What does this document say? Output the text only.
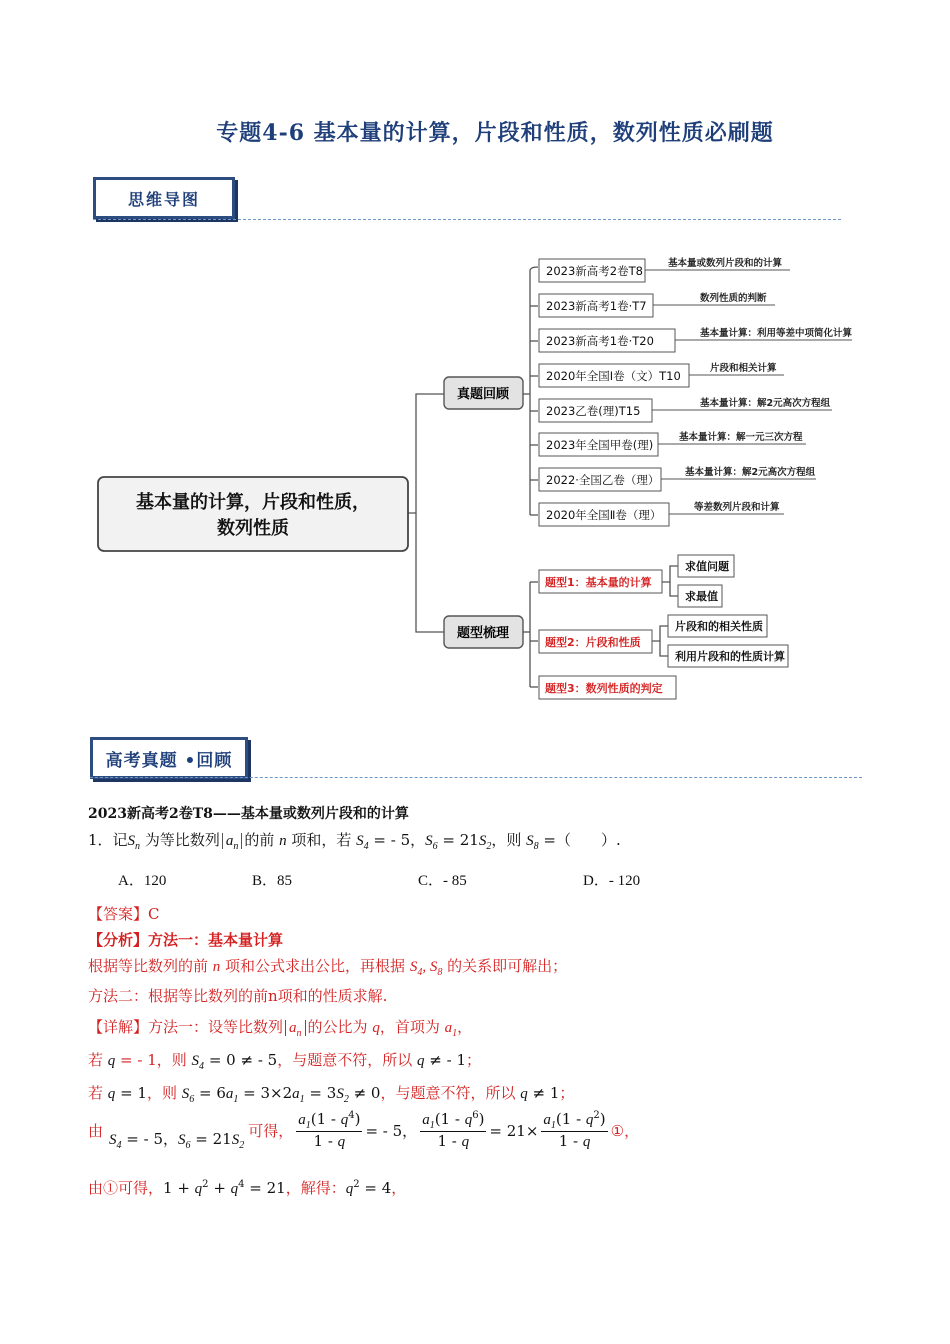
专题4-6 基本量的计算，片段和性质，数列性质必刷题
思维导图
基本量的计算，片段和性质，
数列性质
真题回顾
题型梳理
2023新高考2卷T8
2023新高考1卷·T7
2023新高考1卷·T20
2020年全国Ⅰ卷（文）T10
2023乙卷(理)T15
2023年全国甲卷(理)
2022·全国乙卷（理）
2020年全国Ⅱ卷（理）
基本量或数列片段和的计算
数列性质的判断
基本量计算：利用等差中项简化计算
片段和相关计算
基本量计算：解2元高次方程组
基本量计算：解一元三次方程
基本量计算：解2元高次方程组
等差数列片段和计算
题型1：基本量的计算
题型2：片段和性质
题型3：数列性质的判定
求值问题
求最值
片段和的相关性质
利用片段和的性质计算
高考真题 •回顾
2023新高考2卷T8——基本量或数列片段和的计算
1．记$S_n$ 为等比数列 $a_n$ 的前 n 项和，若 $S_4$ = - 5，$S_6 = 21S_2$，则 $S_8$ =（　　）.
A．120	B．85	C．- 85	D．- 120
【答案】C
【分析】方法一：基本量计算
根据等比数列的前 n 项和公式求出公比，再根据 $S_4$, $S_8$ 的关系即可解出；
方法二：根据等比数列的前n项和的性质求解.
【详解】方法一：设等比数列 $a_n$ 的公比为 q，首项为 $a_1$，
若 q = - 1，则 $S_4 = 0$ ≠ - 5，与题意不符，所以 q ≠ - 1；
若 q = 1，则 $S_6 = 6a_1 = 3\times 2a_1 = 3S_2 \ne 0$，与题意不符，所以 q ≠ 1；
由 $S_4$ = - 5，$S_6 = 21S_2$
可得， $\frac{a_1(1 - q^4)}{1 - q}$ = - 5， $\frac{a_1(1 - q^6)}{1 - q} = 21\times \frac{a_1(1 - q^2)}{1 - q}$ ①，
由①可得，$1 + q^2 + q^4 = 21$，解得：$q^2 = 4$，
